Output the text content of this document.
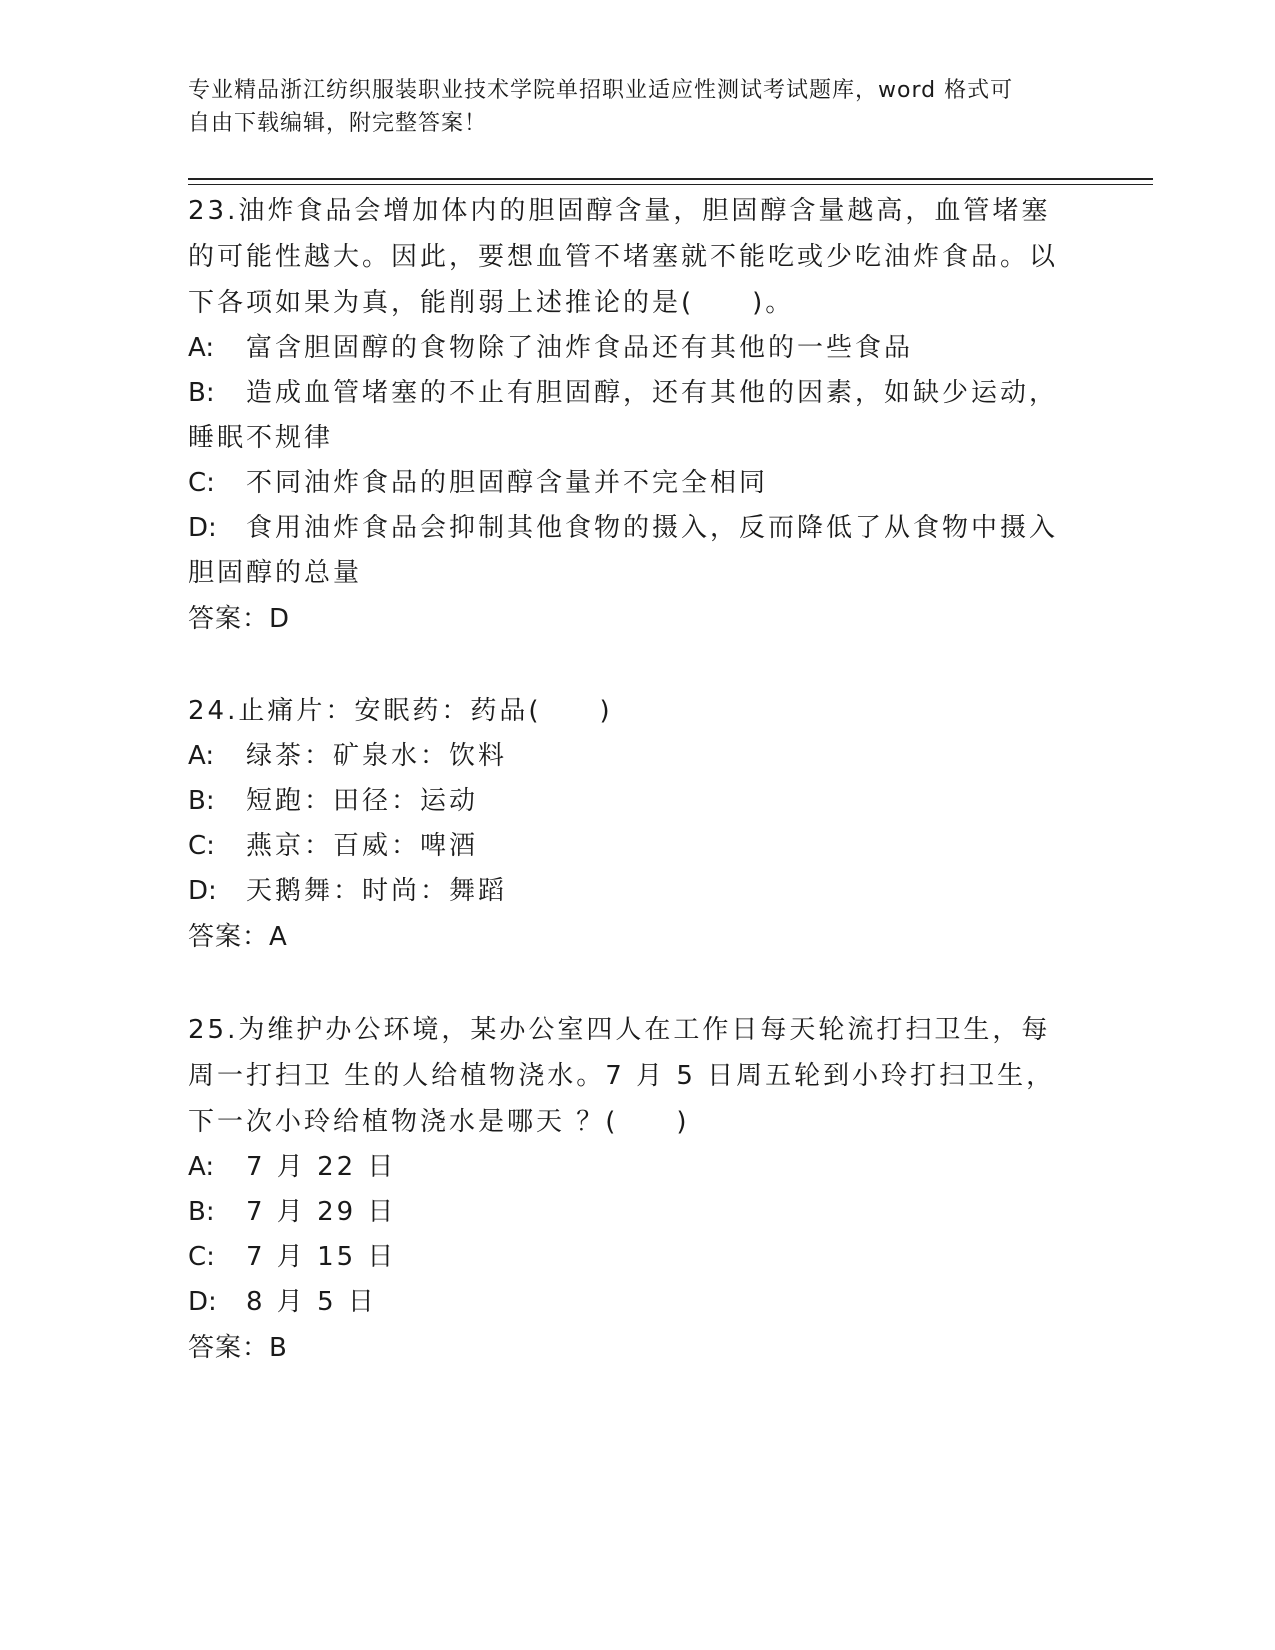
专业精品浙江纺织服装职业技术学院单招职业适应性测试考试题库，word 格式可
自由下载编辑，附完整答案！

23.油炸食品会增加体内的胆固醇含量，胆固醇含量越高，血管堵塞的可能性越大。因此，要想血管不堵塞就不能吃或少吃油炸食品。以下各项如果为真，能削弱上述推论的是(　　)。

A:	富含胆固醇的食物除了油炸食品还有其他的一些食品
B:	造成血管堵塞的不止有胆固醇，还有其他的因素，如缺少运动，睡眠不规律
C:	不同油炸食品的胆固醇含量并不完全相同
D:	食用油炸食品会抑制其他食物的摄入，反而降低了从食物中摄入胆固醇的总量

答案：D

24.止痛片：安眠药：药品(　　)

A:	绿茶：矿泉水：饮料
B:	短跑：田径：运动
C:	燕京：百威：啤酒
D:	天鹅舞：时尚：舞蹈

答案：A

25.为维护办公环境，某办公室四人在工作日每天轮流打扫卫生，每周一打扫卫 生的人给植物浇水。7 月 5 日周五轮到小玲打扫卫生，下一次小玲给植物浇水是哪天 ？(　　)

A:	7 月 22 日
B:	7 月 29 日
C:	7 月 15 日
D:	8 月 5 日

答案：B
